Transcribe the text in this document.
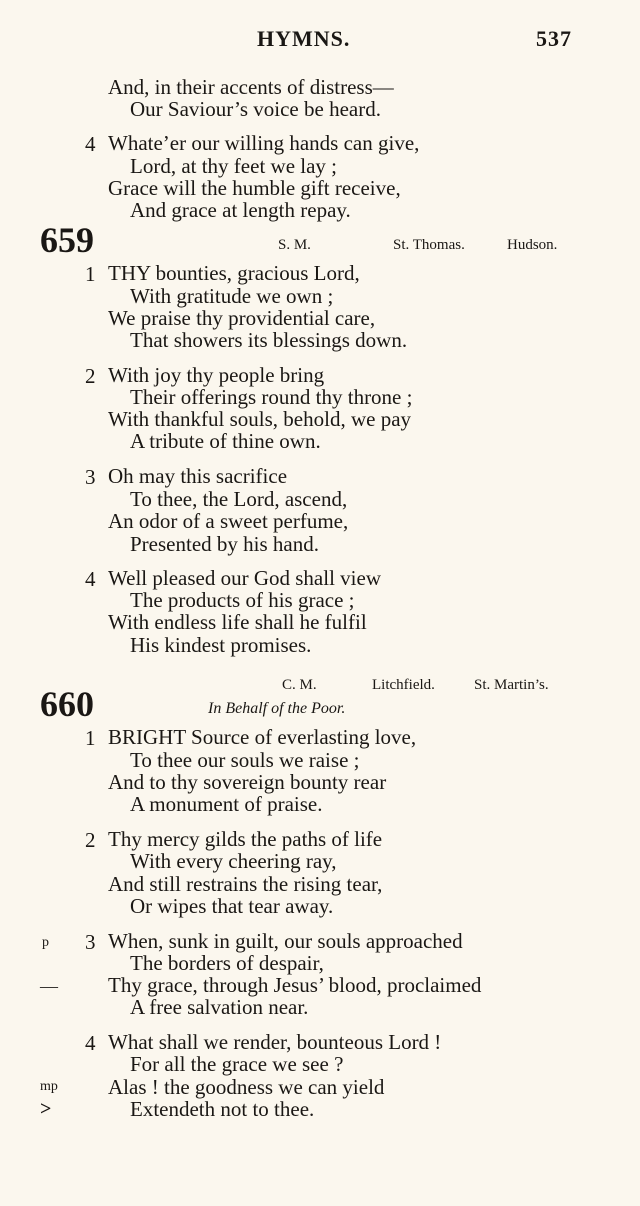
HYMNS.	537
And, in their accents of distress—
Our Saviour’s voice be heard.
4 Whate’er our willing hands can give,
Lord, at thy feet we lay ;
Grace will the humble gift receive,
And grace at length repay.
659	S. M.	St. Thomas.	Hudson.
1 THY bounties, gracious Lord,
With gratitude we own ;
We praise thy providential care,
That showers its blessings down.
2 With joy thy people bring
Their offerings round thy throne ;
With thankful souls, behold, we pay
A tribute of thine own.
3 Oh may this sacrifice
To thee, the Lord, ascend,
An odor of a sweet perfume,
Presented by his hand.
4 Well pleased our God shall view
The products of his grace ;
With endless life shall he fulfil
His kindest promises.
C. M.	Litchfield.	St. Martin’s.
660	In Behalf of the Poor.
1 BRIGHT Source of everlasting love,
To thee our souls we raise ;
And to thy sovereign bounty rear
A monument of praise.
2 Thy mercy gilds the paths of life
With every cheering ray,
And still restrains the rising tear,
Or wipes that tear away.
p 3 When, sunk in guilt, our souls approached
The borders of despair,
— Thy grace, through Jesus’ blood, proclaimed
A free salvation near.
4 What shall we render, bounteous Lord !
For all the grace we see ?
mp Alas ! the goodness we can yield
>	Extendeth not to thee.
